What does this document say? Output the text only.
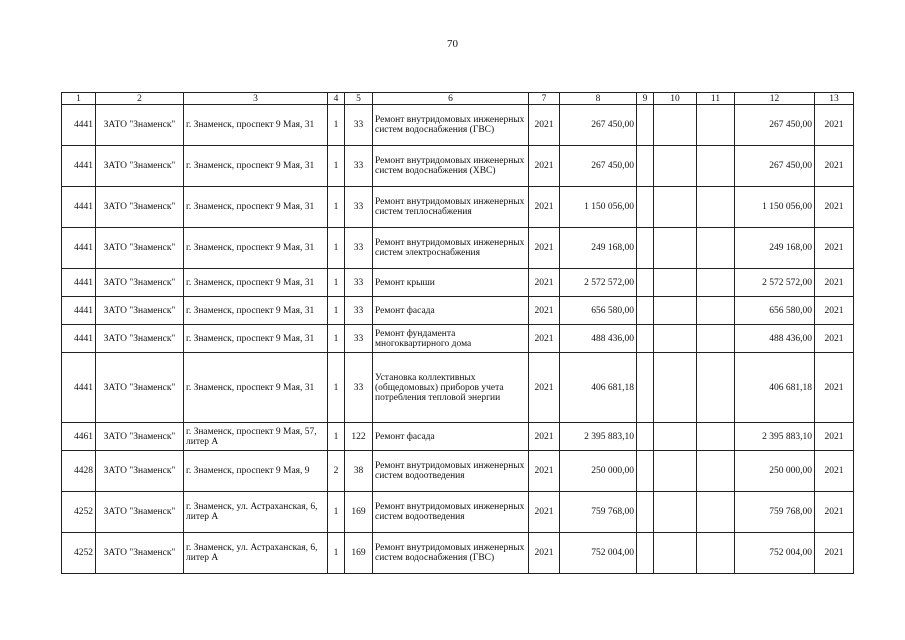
70
1	2	3	4	5	6	7	8	9	10	11	12	13
4441	ЗАТО "Знаменск"	г. Знаменск, проспект 9 Мая, 31	1	33	Ремонт внутридомовых инженерных систем водоснабжения (ГВС)	2021	267 450,00				267 450,00	2021
4441	ЗАТО "Знаменск"	г. Знаменск, проспект 9 Мая, 31	1	33	Ремонт внутридомовых инженерных систем водоснабжения (ХВС)	2021	267 450,00				267 450,00	2021
4441	ЗАТО "Знаменск"	г. Знаменск, проспект 9 Мая, 31	1	33	Ремонт внутридомовых инженерных систем теплоснабжения	2021	1 150 056,00				1 150 056,00	2021
4441	ЗАТО "Знаменск"	г. Знаменск, проспект 9 Мая, 31	1	33	Ремонт внутридомовых инженерных систем электроснабжения	2021	249 168,00				249 168,00	2021
4441	ЗАТО "Знаменск"	г. Знаменск, проспект 9 Мая, 31	1	33	Ремонт крыши	2021	2 572 572,00				2 572 572,00	2021
4441	ЗАТО "Знаменск"	г. Знаменск, проспект 9 Мая, 31	1	33	Ремонт фасада	2021	656 580,00				656 580,00	2021
4441	ЗАТО "Знаменск"	г. Знаменск, проспект 9 Мая, 31	1	33	Ремонт фундамента многоквартирного дома	2021	488 436,00				488 436,00	2021
4441	ЗАТО "Знаменск"	г. Знаменск, проспект 9 Мая, 31	1	33	Установка коллективных (общедомовых) приборов учета потребления тепловой энергии	2021	406 681,18				406 681,18	2021
4461	ЗАТО "Знаменск"	г. Знаменск, проспект 9 Мая, 57, литер А	1	122	Ремонт фасада	2021	2 395 883,10				2 395 883,10	2021
4428	ЗАТО "Знаменск"	г. Знаменск, проспект 9 Мая, 9	2	38	Ремонт внутридомовых инженерных систем водоотведения	2021	250 000,00				250 000,00	2021
4252	ЗАТО "Знаменск"	г. Знаменск, ул. Астраханская, 6, литер А	1	169	Ремонт внутридомовых инженерных систем водоотведения	2021	759 768,00				759 768,00	2021
4252	ЗАТО "Знаменск"	г. Знаменск, ул. Астраханская, 6, литер А	1	169	Ремонт внутридомовых инженерных систем водоснабжения (ГВС)	2021	752 004,00				752 004,00	2021
